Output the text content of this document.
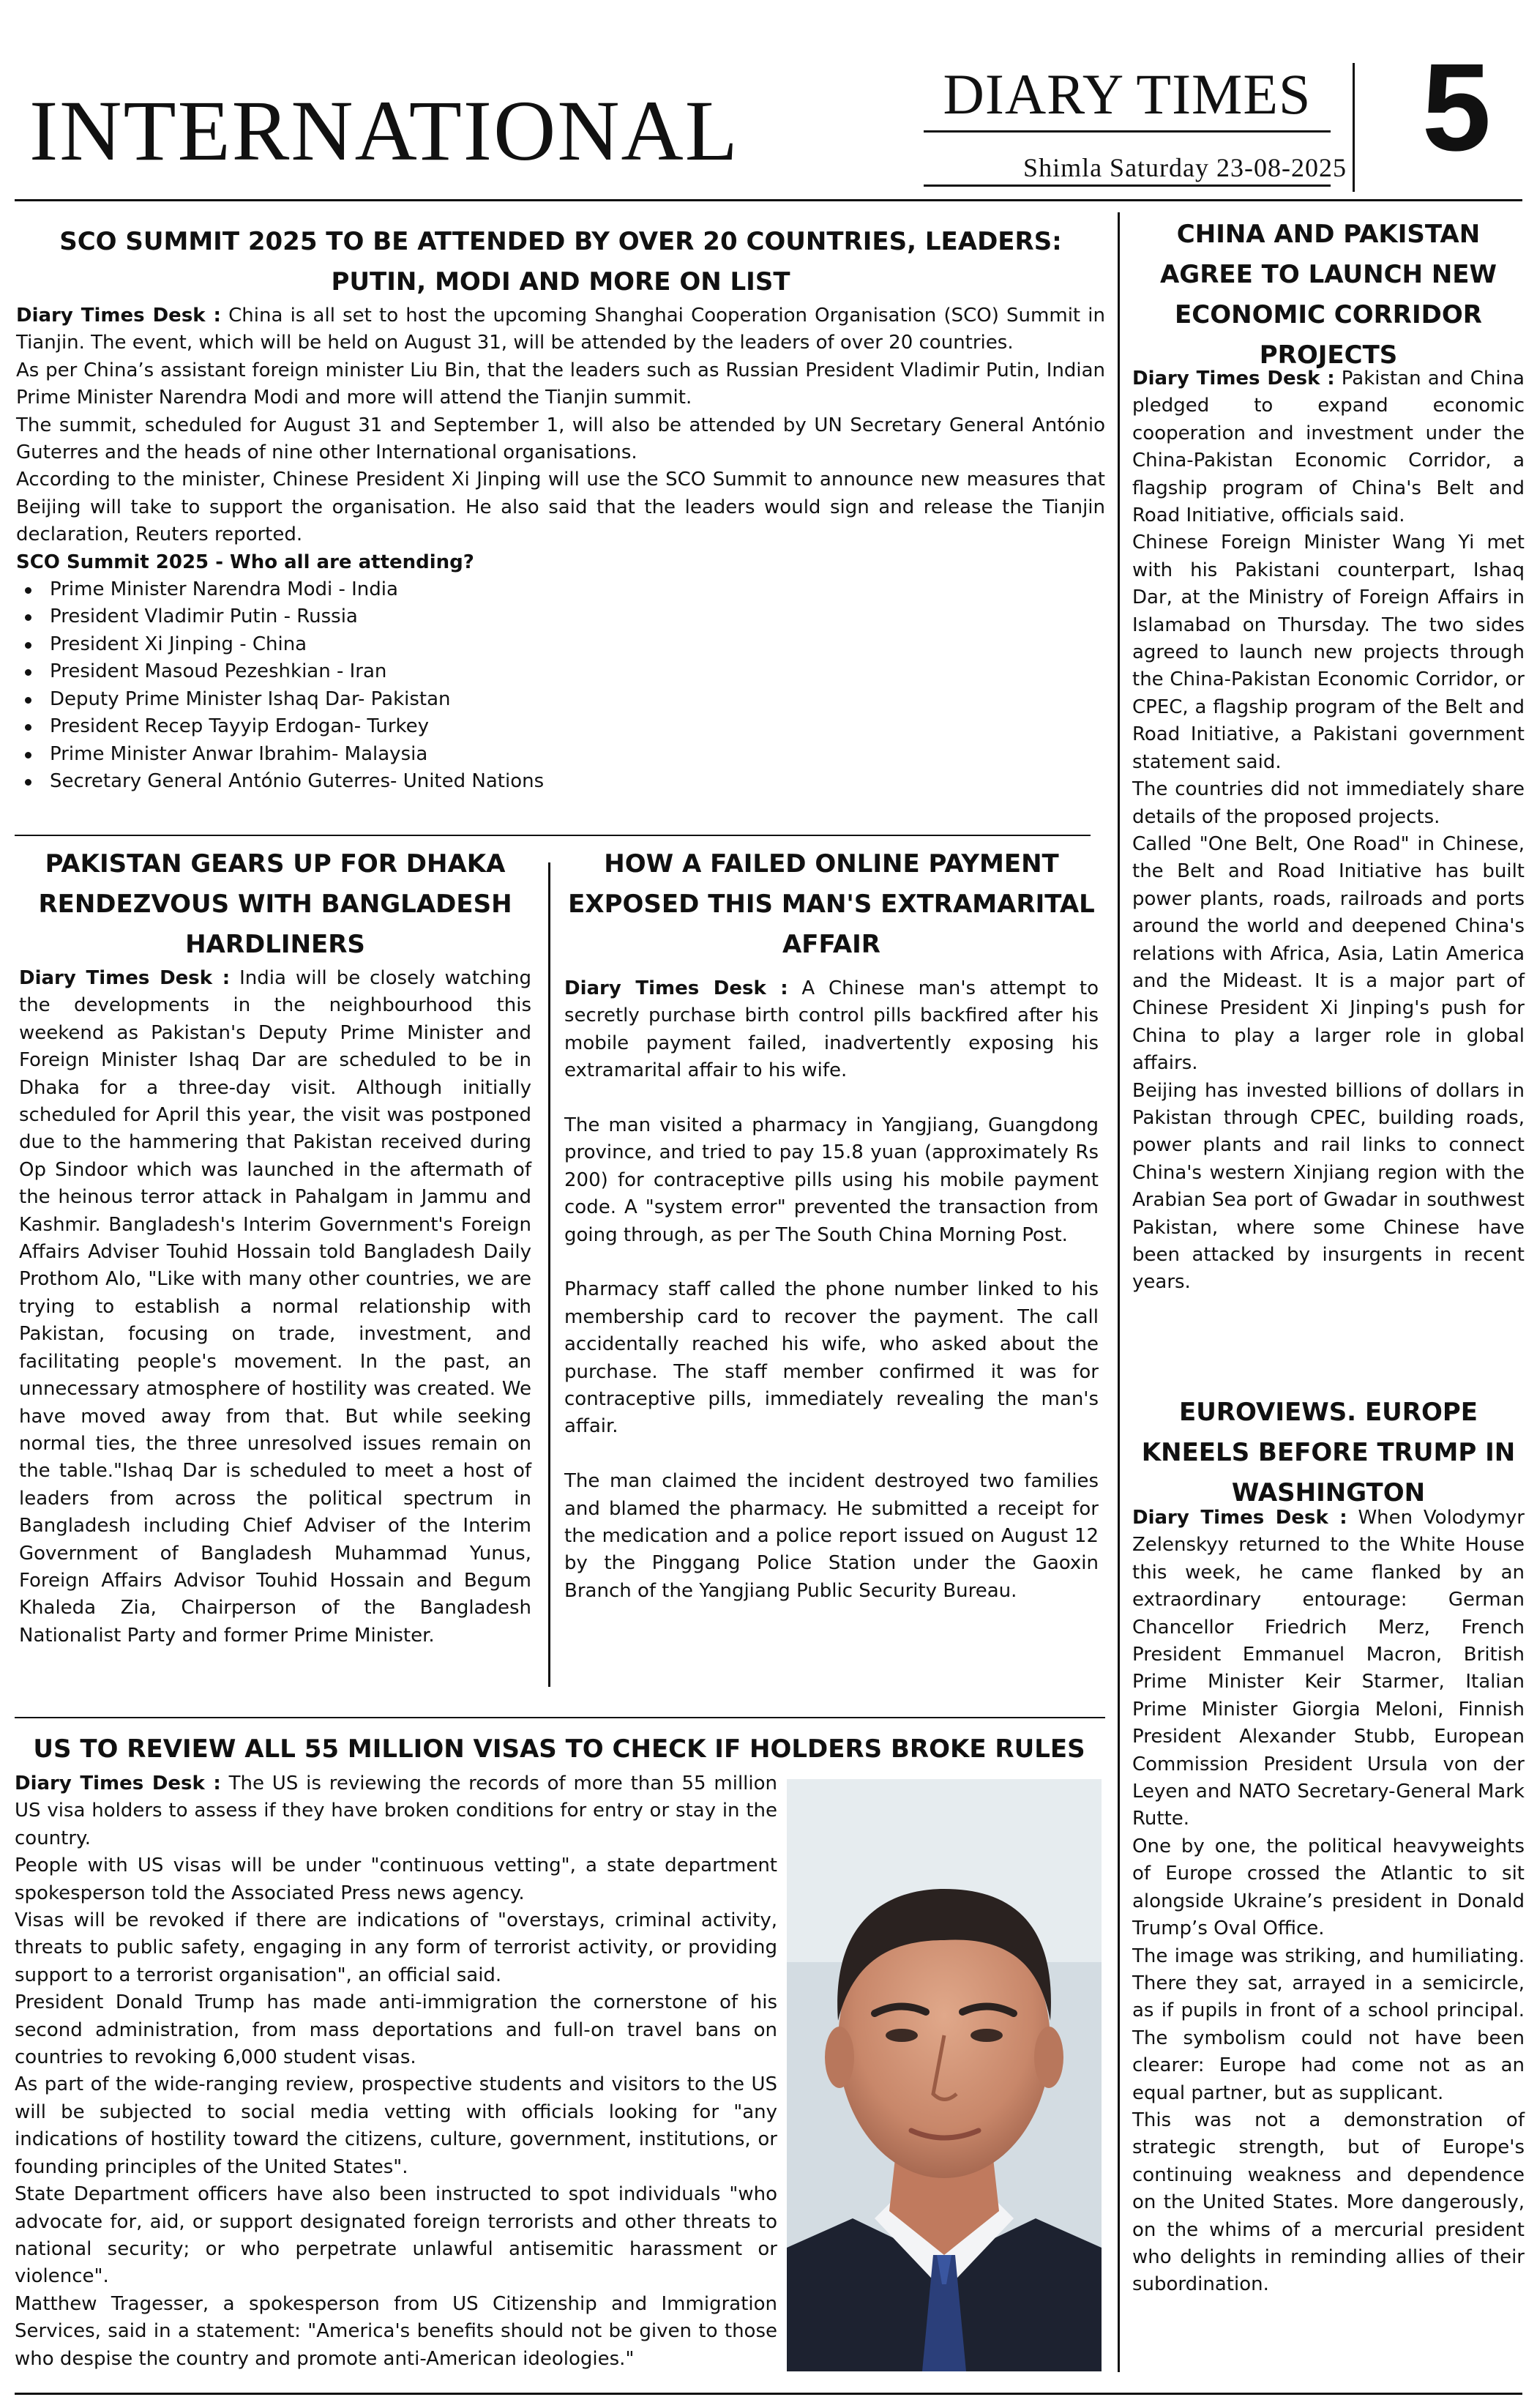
INTERNATIONAL	DIARY TIMES
Shimla Saturday 23-08-2025 5
SCO SUMMIT 2025 TO BE ATTENDED BY OVER 20 COUNTRIES, LEADERS: PUTIN, MODI AND MORE ON LIST

Diary Times Desk : China is all set to host the upcoming Shanghai Cooperation Organisation (SCO) Summit in Tianjin. The event, which will be held on August 31, will be attended by the leaders of over 20 countries.

As per China’s assistant foreign minister Liu Bin, that the leaders such as Russian President Vladimir Putin, Indian Prime Minister Narendra Modi and more will attend the Tianjin summit.

The summit, scheduled for August 31 and September 1, will also be attended by UN Secretary General António Guterres and the heads of nine other International organisations.

According to the minister, Chinese President Xi Jinping will use the SCO Summit to announce new measures that Beijing will take to support the organisation. He also said that the leaders would sign and release the Tianjin declaration, Reuters reported.

SCO Summit 2025 - Who all are attending?

Prime Minister Narendra Modi - India
President Vladimir Putin - Russia
President Xi Jinping - China
President Masoud Pezeshkian - Iran
Deputy Prime Minister Ishaq Dar- Pakistan
President Recep Tayyip Erdogan- Turkey
Prime Minister Anwar Ibrahim- Malaysia
Secretary General António Guterres- United Nations
PAKISTAN GEARS UP FOR DHAKA RENDEZVOUS WITH BANGLADESH HARDLINERS

Diary Times Desk : India will be closely watching the developments in the neighbourhood this weekend as Pakistan's Deputy Prime Minister and Foreign Minister Ishaq Dar are scheduled to be in Dhaka for a three-day visit. Although initially scheduled for April this year, the visit was postponed due to the hammering that Pakistan received during Op Sindoor which was launched in the aftermath of the heinous terror attack in Pahalgam in Jammu and Kashmir. Bangladesh's Interim Government's Foreign Affairs Adviser Touhid Hossain told Bangladesh Daily Prothom Alo, "Like with many other countries, we are trying to establish a normal relationship with Pakistan, focusing on trade, investment, and facilitating people's movement. In the past, an unnecessary atmosphere of hostility was created. We have moved away from that. But while seeking normal ties, the three unresolved issues remain on the table."Ishaq Dar is scheduled to meet a host of leaders from across the political spectrum in Bangladesh including Chief Adviser of the Interim Government of Bangladesh Muhammad Yunus, Foreign Affairs Advisor Touhid Hossain and Begum Khaleda Zia, Chairperson of the Bangladesh Nationalist Party and former Prime Minister.

HOW A FAILED ONLINE PAYMENT EXPOSED THIS MAN'S EXTRAMARITAL AFFAIR

Diary Times Desk : A Chinese man's attempt to secretly purchase birth control pills backfired after his mobile payment failed, inadvertently exposing his extramarital affair to his wife.

The man visited a pharmacy in Yangjiang, Guangdong province, and tried to pay 15.8 yuan (approximately Rs 200) for contraceptive pills using his mobile payment code. A "system error" prevented the transaction from going through, as per The South China Morning Post.

Pharmacy staff called the phone number linked to his membership card to recover the payment. The call accidentally reached his wife, who asked about the purchase. The staff member confirmed it was for contraceptive pills, immediately revealing the man's affair.

The man claimed the incident destroyed two families and blamed the pharmacy. He submitted a receipt for the medication and a police report issued on August 12 by the Pinggang Police Station under the Gaoxin Branch of the Yangjiang Public Security Bureau.

US TO REVIEW ALL 55 MILLION VISAS TO CHECK IF HOLDERS BROKE RULES

Diary Times Desk : The US is reviewing the records of more than 55 million US visa holders to assess if they have broken conditions for entry or stay in the country.

People with US visas will be under "continuous vetting", a state department spokesperson told the Associated Press news agency.

Visas will be revoked if there are indications of "overstays, criminal activity, threats to public safety, engaging in any form of terrorist activity, or providing support to a terrorist organisation", an official said.

President Donald Trump has made anti-immigration the cornerstone of his second administration, from mass deportations and full-on travel bans on countries to revoking 6,000 student visas.

As part of the wide-ranging review, prospective students and visitors to the US will be subjected to social media vetting with officials looking for "any indications of hostility toward the citizens, culture, government, institutions, or founding principles of the United States".

State Department officers have also been instructed to spot individuals "who advocate for, aid, or support designated foreign terrorists and other threats to national security; or who perpetrate unlawful antisemitic harassment or violence".

Matthew Tragesser, a spokesperson from US Citizenship and Immigration Services, said in a statement: "America's benefits should not be given to those who despise the country and promote anti-American ideologies."

CHINA AND PAKISTAN AGREE TO LAUNCH NEW ECONOMIC CORRIDOR PROJECTS

Diary Times Desk : Pakistan and China pledged to expand economic cooperation and investment under the China-Pakistan Economic Corridor, a flagship program of China's Belt and Road Initiative, officials said.

Chinese Foreign Minister Wang Yi met with his Pakistani counterpart, Ishaq Dar, at the Ministry of Foreign Affairs in Islamabad on Thursday. The two sides agreed to launch new projects through the China-Pakistan Economic Corridor, or CPEC, a flagship program of the Belt and Road Initiative, a Pakistani government statement said.

The countries did not immediately share details of the proposed projects.

Called "One Belt, One Road" in Chinese, the Belt and Road Initiative has built power plants, roads, railroads and ports around the world and deepened China's relations with Africa, Asia, Latin America and the Mideast. It is a major part of Chinese President Xi Jinping's push for China to play a larger role in global affairs.

Beijing has invested billions of dollars in Pakistan through CPEC, building roads, power plants and rail links to connect China's western Xinjiang region with the Arabian Sea port of Gwadar in southwest Pakistan, where some Chinese have been attacked by insurgents in recent years.

EUROVIEWS. EUROPE KNEELS BEFORE TRUMP IN WASHINGTON

Diary Times Desk : When Volodymyr Zelenskyy returned to the White House this week, he came flanked by an extraordinary entourage: German Chancellor Friedrich Merz, French President Emmanuel Macron, British Prime Minister Keir Starmer, Italian Prime Minister Giorgia Meloni, Finnish President Alexander Stubb, European Commission President Ursula von der Leyen and NATO Secretary-General Mark Rutte.

One by one, the political heavyweights of Europe crossed the Atlantic to sit alongside Ukraine’s president in Donald Trump’s Oval Office.

The image was striking, and humiliating. There they sat, arrayed in a semicircle, as if pupils in front of a school principal. The symbolism could not have been clearer: Europe had come not as an equal partner, but as supplicant.

This was not a demonstration of strategic strength, but of Europe's continuing weakness and dependence on the United States. More dangerously, on the whims of a mercurial president who delights in reminding allies of their subordination.
